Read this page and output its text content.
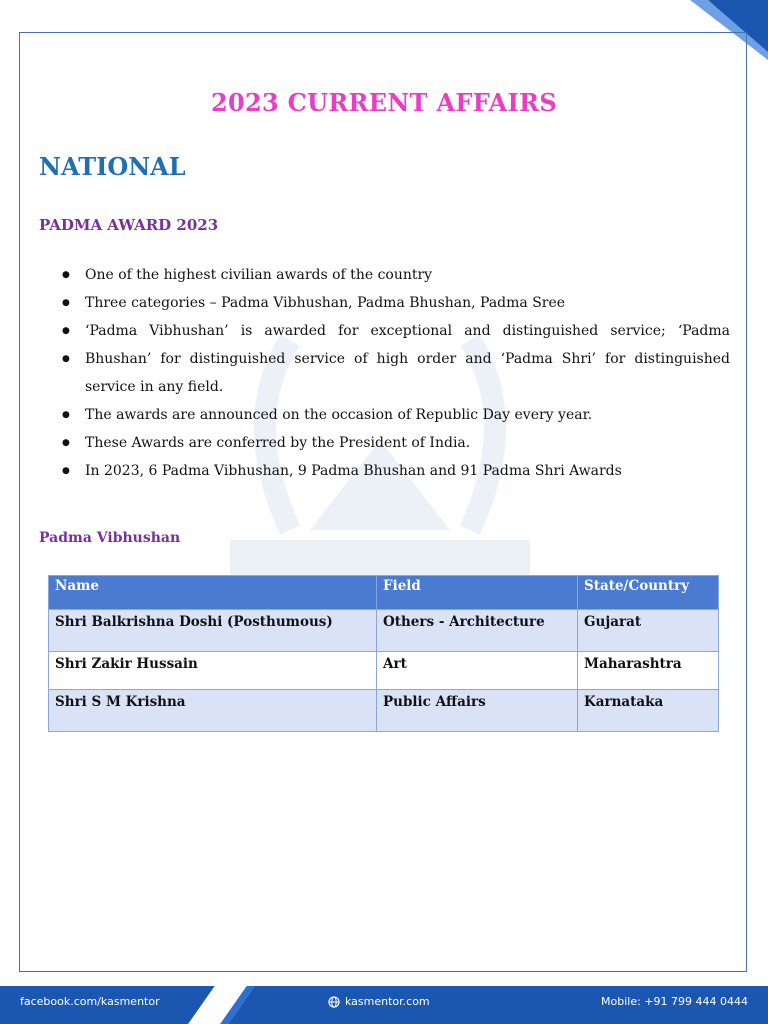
2023 CURRENT AFFAIRS
NATIONAL
PADMA AWARD 2023
● One of the highest civilian awards of the country
● Three categories – Padma Vibhushan, Padma Bhushan, Padma Sree
● ‘Padma Vibhushan’ is awarded for exceptional and distinguished service; ‘Padma
● Bhushan’ for distinguished service of high order and ‘Padma Shri’ for distinguished service in any field.
● The awards are announced on the occasion of Republic Day every year.
● These Awards are conferred by the President of India.
● In 2023, 6 Padma Vibhushan, 9 Padma Bhushan and 91 Padma Shri Awards
Padma Vibhushan
Name	Field	State/Country
Shri Balkrishna Doshi (Posthumous)	Others - Architecture	Gujarat
Shri Zakir Hussain	Art	Maharashtra
Shri S M Krishna	Public Affairs	Karnataka
facebook.com/kasmentor	kasmentor.com	Mobile: +91 799 444 0444
